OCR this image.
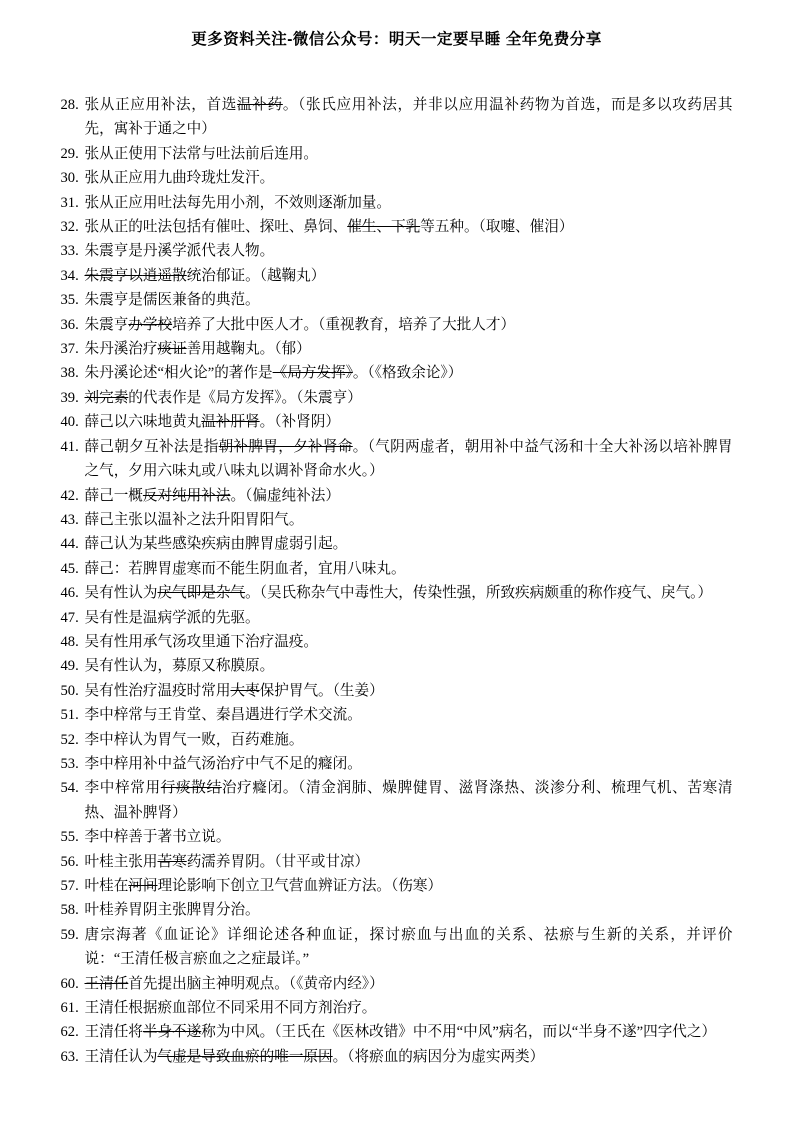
更多资料关注-微信公众号：明天一定要早睡 全年免费分享
28. 张从正应用补法，首选温补药。（张氏应用补法，并非以应用温补药物为首选，而是多以攻药居其先，寓补于通之中）
29. 张从正使用下法常与吐法前后连用。
30. 张从正应用九曲玲珑灶发汗。
31. 张从正应用吐法每先用小剂，不效则逐渐加量。
32. 张从正的吐法包括有催吐、探吐、鼻饲、催生、下乳等五种。（取嚏、催泪）
33. 朱震亨是丹溪学派代表人物。
34. 朱震亨以逍遥散统治郁证。（越鞠丸）
35. 朱震亨是儒医兼备的典范。
36. 朱震亨办学校培养了大批中医人才。（重视教育，培养了大批人才）
37. 朱丹溪治疗痰证善用越鞠丸。（郁）
38. 朱丹溪论述“相火论”的著作是《局方发挥》。（《格致余论》）
39. 刘完素的代表作是《局方发挥》。（朱震亨）
40. 薛己以六味地黄丸温补肝肾。（补肾阴）
41. 薛己朝夕互补法是指朝补脾胃，夕补肾命。（气阴两虚者，朝用补中益气汤和十全大补汤以培补脾胃之气，夕用六味丸或八味丸以调补肾命水火。）
42. 薛己一概反对纯用补法。（偏虚纯补法）
43. 薛己主张以温补之法升阳胃阳气。
44. 薛己认为某些感染疾病由脾胃虚弱引起。
45. 薛己：若脾胃虚寒而不能生阴血者，宜用八味丸。
46. 吴有性认为戾气即是杂气。（吴氏称杂气中毒性大，传染性强，所致疾病颇重的称作疫气、戾气。）
47. 吴有性是温病学派的先驱。
48. 吴有性用承气汤攻里通下治疗温疫。
49. 吴有性认为，募原又称膜原。
50. 吴有性治疗温疫时常用大枣保护胃气。（生姜）
51. 李中梓常与王肯堂、秦昌遇进行学术交流。
52. 李中梓认为胃气一败，百药难施。
53. 李中梓用补中益气汤治疗中气不足的癃闭。
54. 李中梓常用行痰散结治疗癃闭。（清金润肺、燥脾健胃、滋肾涤热、淡渗分利、梳理气机、苦寒清热、温补脾肾）
55. 李中梓善于著书立说。
56. 叶桂主张用苦寒药濡养胃阴。（甘平或甘凉）
57. 叶桂在河间理论影响下创立卫气营血辨证方法。（伤寒）
58. 叶桂养胃阴主张脾胃分治。
59. 唐宗海著《血证论》详细论述各种血证，探讨瘀血与出血的关系、祛瘀与生新的关系，并评价说：“王清任极言瘀血之之症最详。”
60. 王清任首先提出脑主神明观点。（《黄帝内经》）
61. 王清任根据瘀血部位不同采用不同方剂治疗。
62. 王清任将半身不遂称为中风。（王氏在《医林改错》中不用“中风”病名，而以“半身不遂”四字代之）
63. 王清任认为气虚是导致血瘀的唯一原因。（将瘀血的病因分为虚实两类）
